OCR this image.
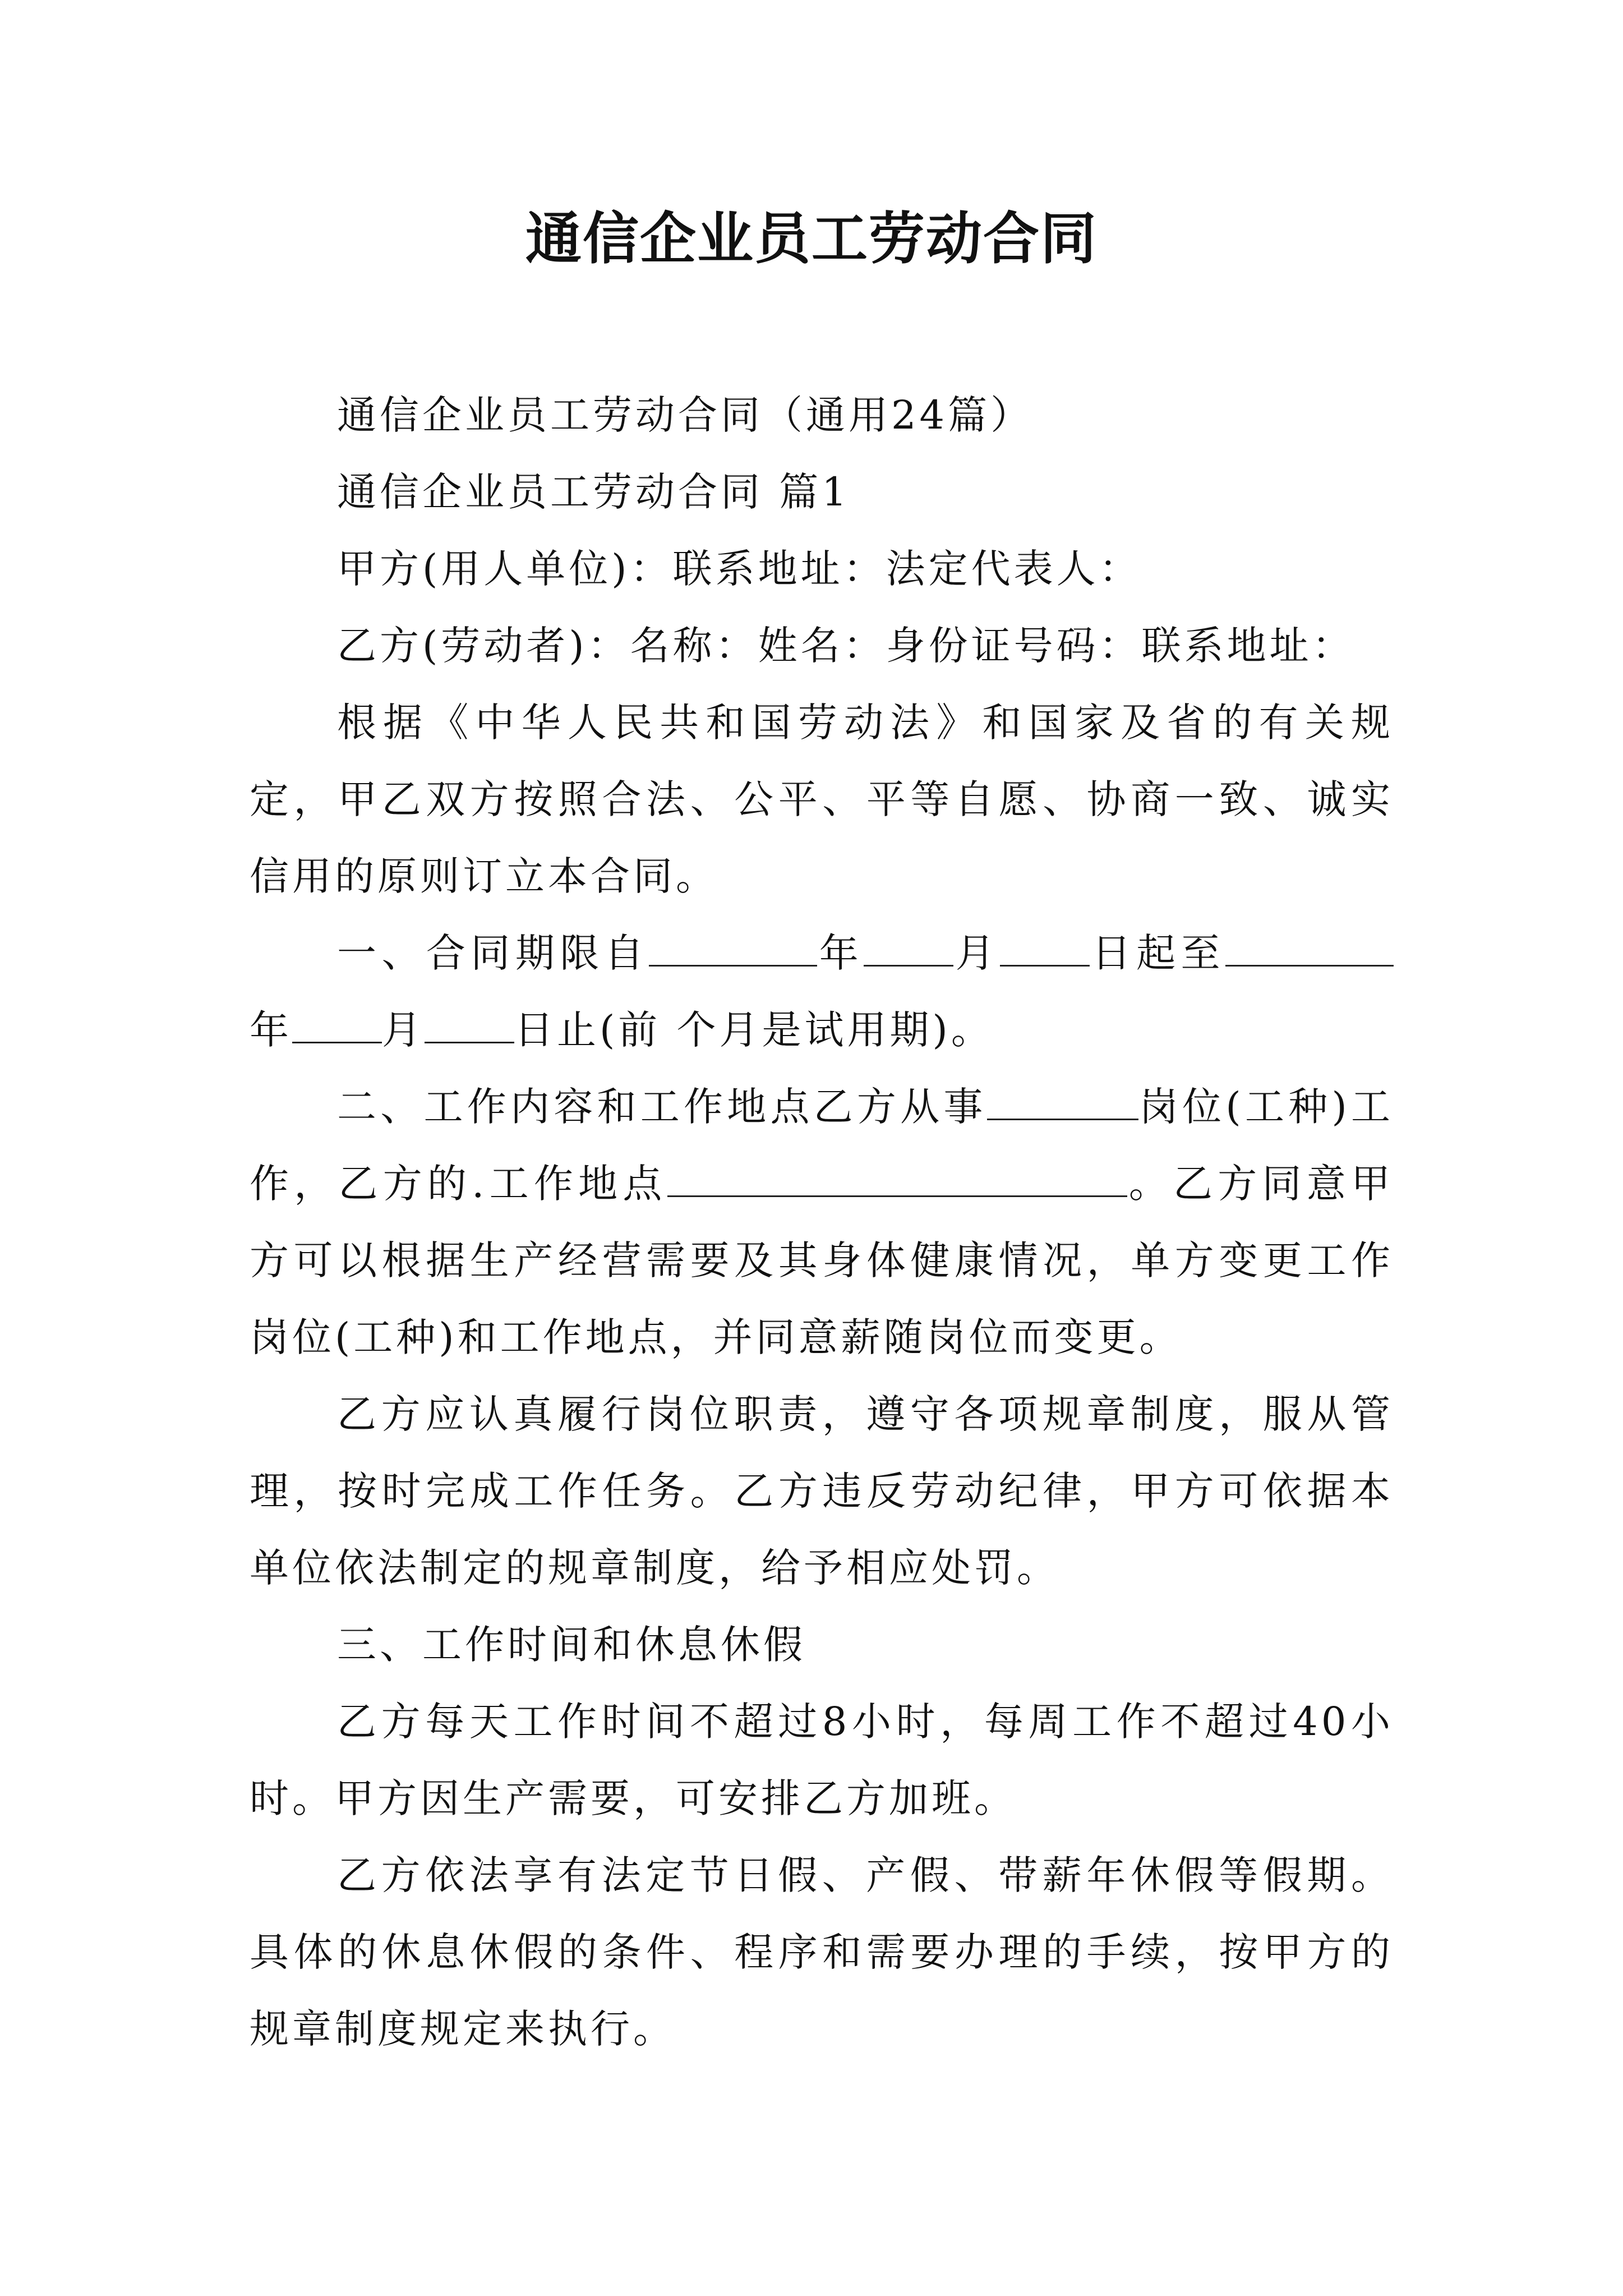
通信企业员工劳动合同

通信企业员工劳动合同（通用24篇）

通信企业员工劳动合同 篇1

甲方(用人单位)：联系地址：法定代表人：

乙方(劳动者)：名称：姓名：身份证号码：联系地址：

根据《中华人民共和国劳动法》和国家及省的有关规定，甲乙双方按照合法、公平、平等自愿、协商一致、诚实信用的原则订立本合同。

一、合同期限自	年 月 日起至年 月 日止(前 个月是试用期)。

二、工作内容和工作地点乙方从事	岗位(工种)工作，乙方的.工作地点	。乙方同意甲方可以根据生产经营需要及其身体健康情况，单方变更工作岗位(工种)和工作地点，并同意薪随岗位而变更。

乙方应认真履行岗位职责，遵守各项规章制度，服从管理，按时完成工作任务。乙方违反劳动纪律，甲方可依据本单位依法制定的规章制度，给予相应处罚。

三、工作时间和休息休假

乙方每天工作时间不超过8小时，每周工作不超过40小时。甲方因生产需要，可安排乙方加班。

乙方依法享有法定节日假、产假、带薪年休假等假期。具体的休息休假的条件、程序和需要办理的手续，按甲方的规章制度规定来执行。
